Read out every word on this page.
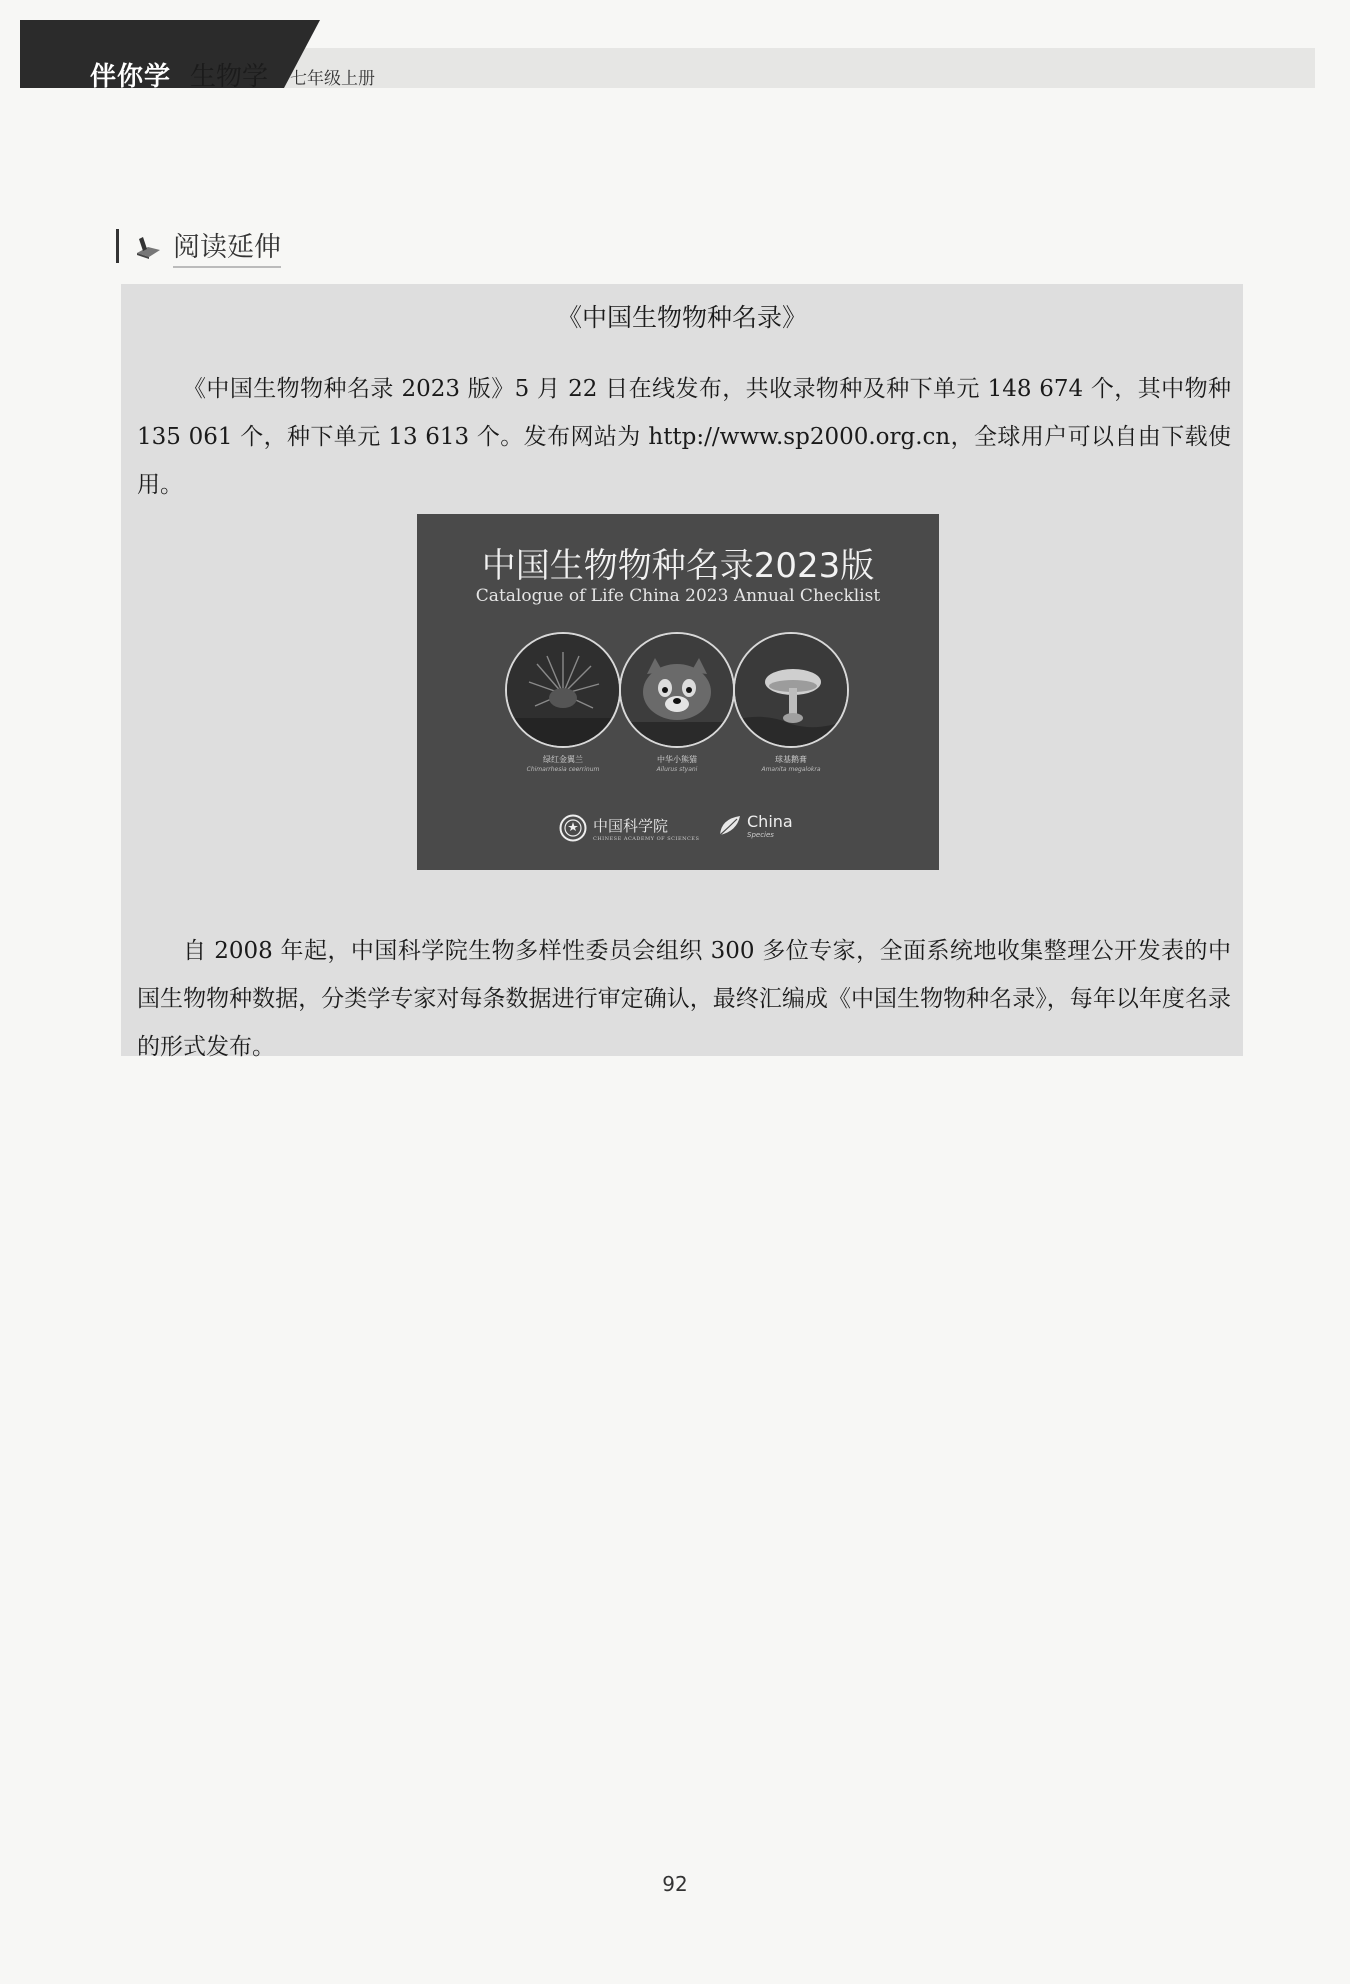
伴你学 生物学 七年级上册
阅读延伸
《中国生物物种名录》

《中国生物物种名录 2023 版》5 月 22 日在线发布，共收录物种及种下单元 148 674 个，其中物种 135 061 个，种下单元 13 613 个。发布网站为 http://www.sp2000.org.cn，全球用户可以自由下载使用。

中国生物物种名录2023版
Catalogue of Life China 2023 Annual Checklist
绿红金翼兰
Chimarrhesia ceerrinum
中华小熊猫
Ailurus styani
球基鹅膏
Amanita megalokra
中国科学院
CHINESE ACADEMY OF SCIENCES
China
Species

自 2008 年起，中国科学院生物多样性委员会组织 300 多位专家，全面系统地收集整理公开发表的中国生物物种数据，分类学专家对每条数据进行审定确认，最终汇编成《中国生物物种名录》，每年以年度名录的形式发布。

92
